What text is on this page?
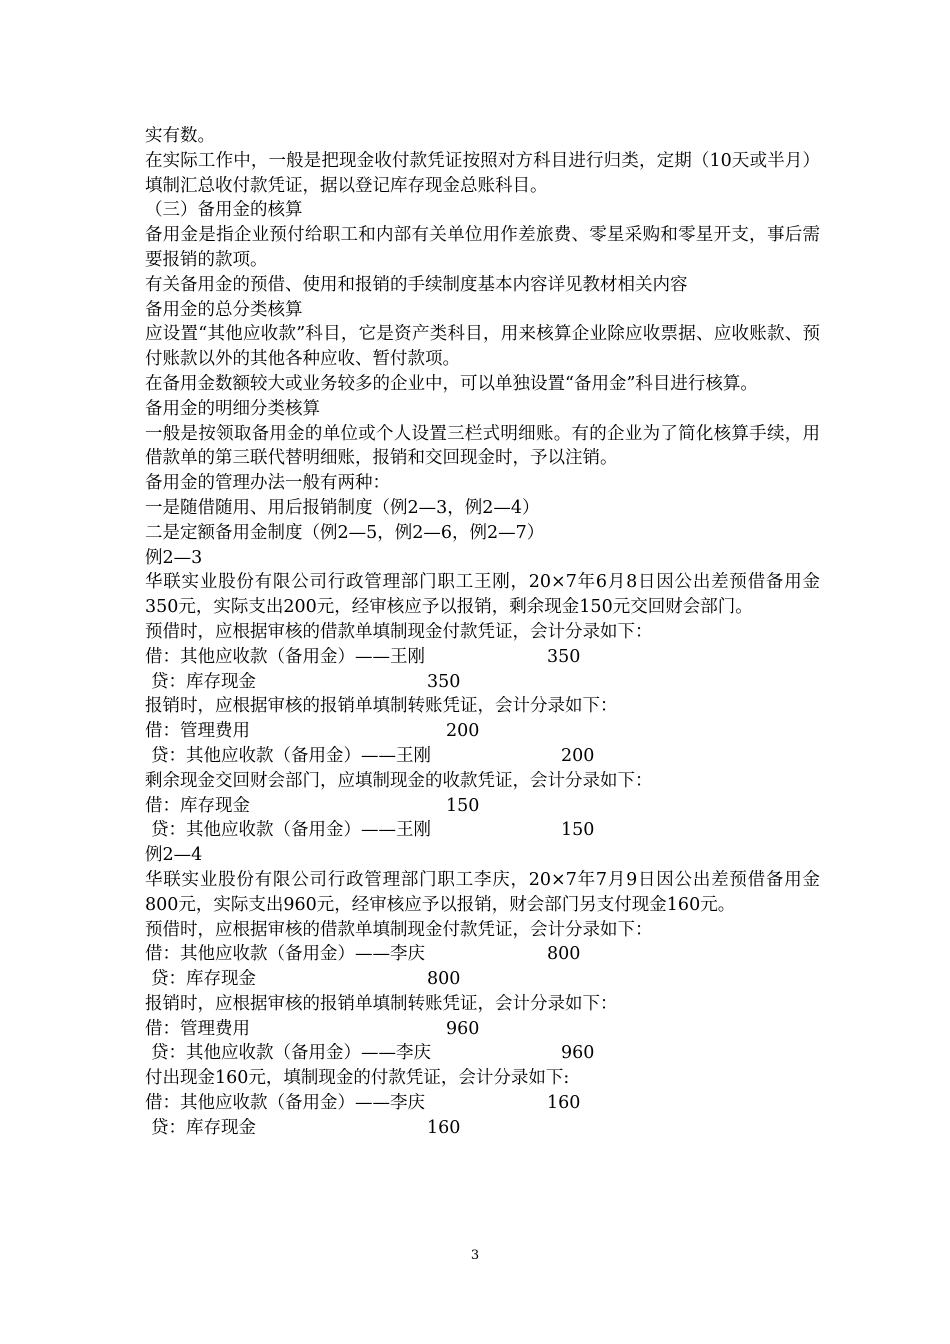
实有数。
在实际工作中，一般是把现金收付款凭证按照对方科目进行归类，定期（10天或半月）填制汇总收付款凭证，据以登记库存现金总账科目。
（三）备用金的核算
备用金是指企业预付给职工和内部有关单位用作差旅费、零星采购和零星开支，事后需要报销的款项。
有关备用金的预借、使用和报销的手续制度基本内容详见教材相关内容
备用金的总分类核算
应设置“其他应收款”科目，它是资产类科目，用来核算企业除应收票据、应收账款、预付账款以外的其他各种应收、暂付款项。
在备用金数额较大或业务较多的企业中，可以单独设置“备用金”科目进行核算。
备用金的明细分类核算
一般是按领取备用金的单位或个人设置三栏式明细账。有的企业为了简化核算手续，用借款单的第三联代替明细账，报销和交回现金时，予以注销。
备用金的管理办法一般有两种：
一是随借随用、用后报销制度（例2—3，例2—4）
二是定额备用金制度（例2—5，例2—6，例2—7）
例2—3
华联实业股份有限公司行政管理部门职工王刚，20×7年6月8日因公出差预借备用金350元，实际支出200元，经审核应予以报销，剩余现金150元交回财会部门。
预借时，应根据审核的借款单填制现金付款凭证，会计分录如下：
借：其他应收款（备用金）——王刚	350
贷：库存现金	350
报销时，应根据审核的报销单填制转账凭证，会计分录如下：
借：管理费用	200
贷：其他应收款（备用金）——王刚	200
剩余现金交回财会部门，应填制现金的收款凭证，会计分录如下：
借：库存现金	150
贷：其他应收款（备用金）——王刚	150
例2—4
华联实业股份有限公司行政管理部门职工李庆，20×7年7月9日因公出差预借备用金800元，实际支出960元，经审核应予以报销，财会部门另支付现金160元。
预借时，应根据审核的借款单填制现金付款凭证，会计分录如下：
借：其他应收款（备用金）——李庆	800
贷：库存现金	800
报销时，应根据审核的报销单填制转账凭证，会计分录如下：
借：管理费用	960
贷：其他应收款（备用金）——李庆	960
付出现金160元，填制现金的付款凭证，会计分录如下:
借：其他应收款（备用金）——李庆	160
贷：库存现金	160
3
